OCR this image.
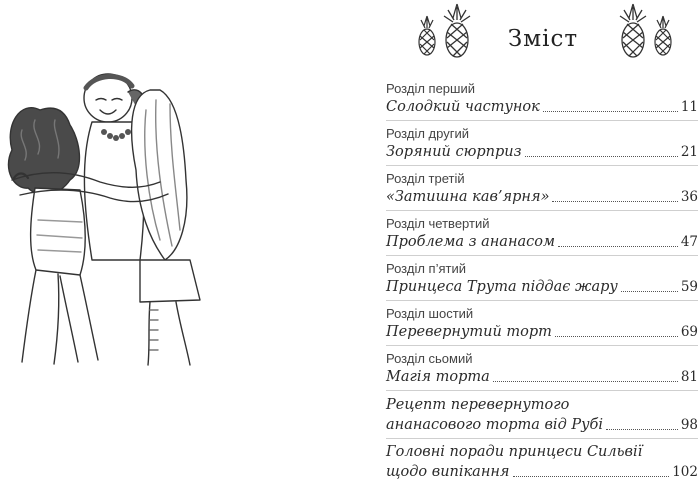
Зміст
Розділ перший
Солодкий частунок	11
Розділ другий
Зоряний сюрприз	21
Розділ третій
«Затишна кав’ярня»	36
Розділ четвертий
Проблема з ананасом	47
Розділ п’ятий
Принцеса Трута піддає жару	59
Розділ шостий
Перевернутий торт	69
Розділ сьомий
Магія торта	81
Рецепт перевернутого
ананасового торта від Рубі	98
Головні поради принцеси Сильвії
щодо випікання	102
